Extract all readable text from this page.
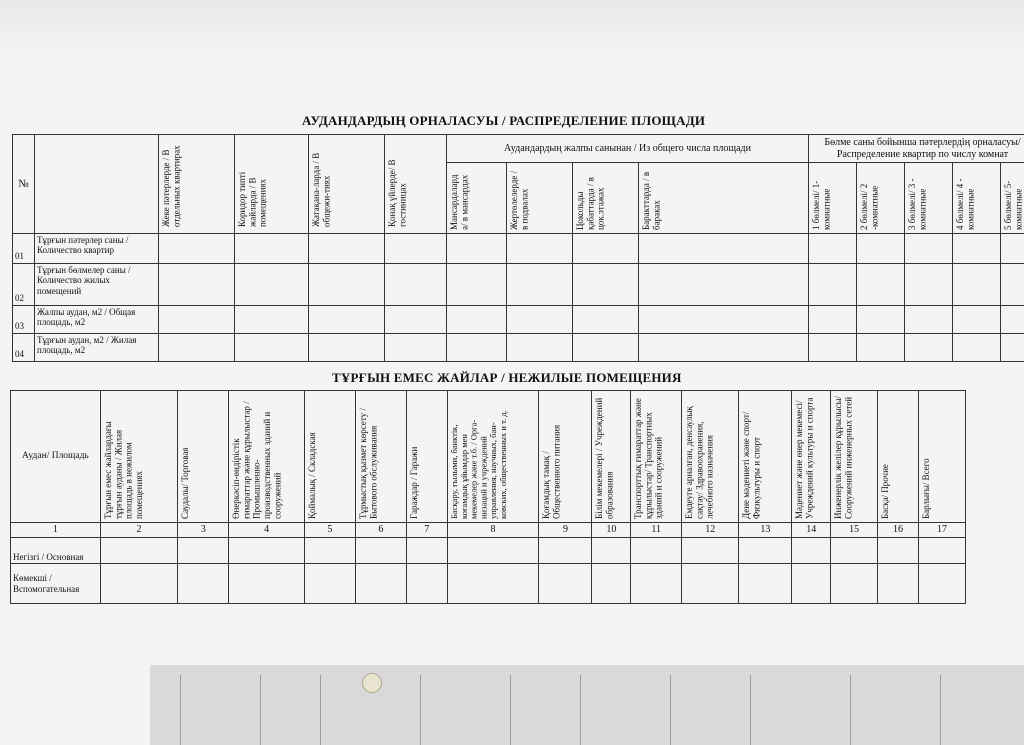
АУДАНДАРДЫҢ ОРНАЛАСУЫ / РАСПРЕДЕЛЕНИЕ ПЛОЩАДИ
№		Жеке пәтерлерде / В отдельных квартирах	Коридор типті жайларда / В помещениях	Жатақана-ларда / В общежи-тиях	Қонақ үйлерде/ В гостиницах	Аудандардың жалпы санынан / Из общего числа площади				Бөлме саны бойынша пәтерлердің орналасуы/ Распределение квартир по числу комнат				

						Мансардалард а/ в мансардах	Жертөлелерде / в подвалах	Цокольды қабаттарда / в цок.этажах	Баракттарда / в бараках	1 бөлмелі/ 1-комнатные	2 бөлмелі/ 2 -комнатные	3 бөлмелі/ 3 - комнатные	4 бөлмелі/ 4 - комнатные	5 бөлмелі/ 5-комнатные

01	Тұрғын пәтерлер саны / Количество квартир													
02	Тұрғын бөлмелер саны / Количество жилых помещений													
03	Жалпы аудан, м2 / Общая площадь, м2													
04	Тұрғын аудан, м2 / Жилая площадь, м2													
ТҰРҒЫН ЕМЕС ЖАЙЛАР / НЕЖИЛЫЕ ПОМЕЩЕНИЯ
Аудан/ Площадь	Тұрғын емес жайлардағы тұрғын ауданы / Жилая площадь в нежилом помещениях	Саудалы/ Торговая	Өнеркәсіп-өндірістік ғимараттар және құрылыстар / Промышленно-производственных зданий и сооружений	Қоймалық / Складская	Тұрмыстық қызмет көрсету / Бытового обслуживания	Гараждар / Гаражи	Басқару, ғылыми, банктік, коғамдық ұйымдар мен мекемелер және т.б. / Орга-низаций и учреждений управления, научных, бан-ковских, общественных и т. д.	Қоғамдық тамақ / Общественного питания	Білім мекемелері / Учреждений образования	Транспорттық ғимараттар және құрылыстар/ Транспортных зданий и сооружений	Емдеуге арналған, денсаулық сақтау/ Здравоохранения, лечебного назначения	Дене мәдениеті және спорт/ Физкультуры и спорт	Мәдениет және өнер мекемесі/ Учреждений культуры и спорта	Инженерлік желілер құрылысы/ Сооружений инженерных сетей	Басқа/ Прочие	Барлығы/ Всего

1	2	3	4	5	6	7	8	9	10	11	12	13	14	15	16	17
Негізгі / Основная																
Көмекші / Вспомогательная																
